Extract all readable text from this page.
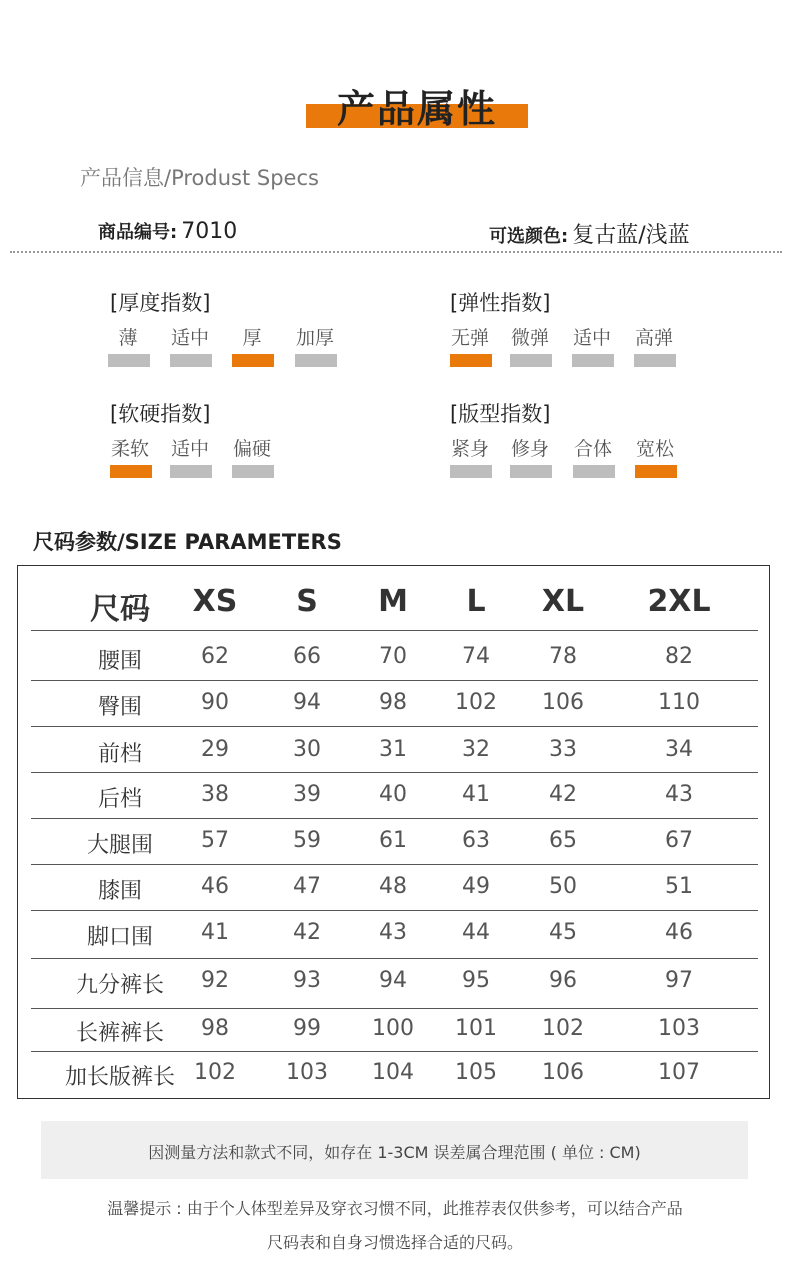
产品属性
产品信息/Produst Specs
商品编号: 7010	可选颜色: 复古蓝/浅蓝
[厚度指数]
薄	适中	厚	加厚
[弹性指数]
无弹	微弹	适中	高弹
[软硬指数]
柔软	适中	偏硬
[版型指数]
紧身	修身	合体	宽松
尺码参数/SIZE PARAMETERS
尺码	XS	S	M	L	XL	2XL
腰围	62	66	70	74	78	82
臀围	90	94	98	102	106	110
前档	29	30	31	32	33	34
后档	38	39	40	41	42	43
大腿围	57	59	61	63	65	67
膝围	46	47	48	49	50	51
脚口围	41	42	43	44	45	46
九分裤长	92	93	94	95	96	97
长裤裤长	98	99	100	101	102	103
加长版裤长 102	103	104	105	106	107
因测量方法和款式不同，如存在 1-3CM 误差属合理范围 ( 单位 : CM)
温馨提示 : 由于个人体型差异及穿衣习惯不同，此推荐表仅供参考，可以结合产品
尺码表和自身习惯选择合适的尺码。
